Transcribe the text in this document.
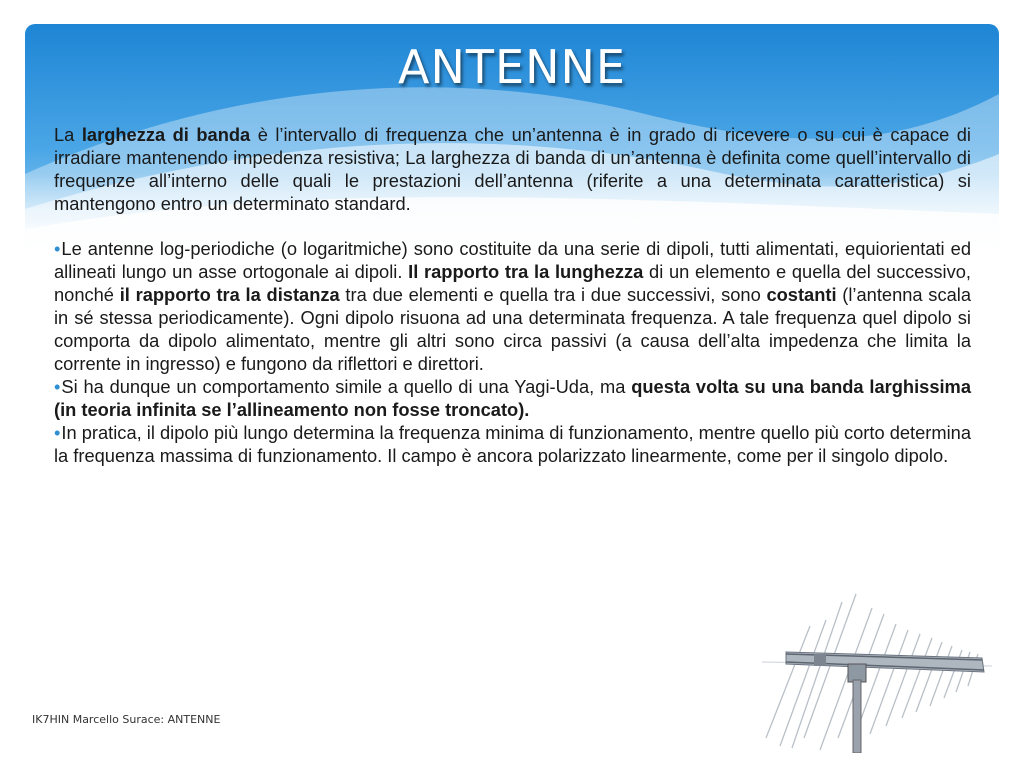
ANTENNE

La larghezza di banda è l’intervallo di frequenza che un’antenna è in grado di ricevere o su cui è capace di irradiare mantenendo impedenza resistiva; La larghezza di banda di un’antenna è definita come quell’intervallo di frequenze all’interno delle quali le prestazioni dell’antenna (riferite a una determinata caratteristica) si mantengono entro un determinato standard.

•Le antenne log-periodiche (o logaritmiche) sono costituite da una serie di dipoli, tutti alimentati, equiorientati ed allineati lungo un asse ortogonale ai dipoli. Il rapporto tra la lunghezza di un elemento e quella del successivo, nonché il rapporto tra la distanza tra due elementi e quella tra i due successivi, sono costanti (l’antenna scala in sé stessa periodicamente). Ogni dipolo risuona ad una determinata frequenza. A tale frequenza quel dipolo si comporta da dipolo alimentato, mentre gli altri sono circa passivi (a causa dell’alta impedenza che limita la corrente in ingresso) e fungono da riflettori e direttori.

•Si ha dunque un comportamento simile a quello di una Yagi-Uda, ma questa volta su una banda larghissima (in teoria infinita se l’allineamento non fosse troncato).

•In pratica, il dipolo più lungo determina la frequenza minima di funzionamento, mentre quello più corto determina la frequenza massima di funzionamento. Il campo è ancora polarizzato linearmente, come per il singolo dipolo.

IK7HIN Marcello Surace: ANTENNE
